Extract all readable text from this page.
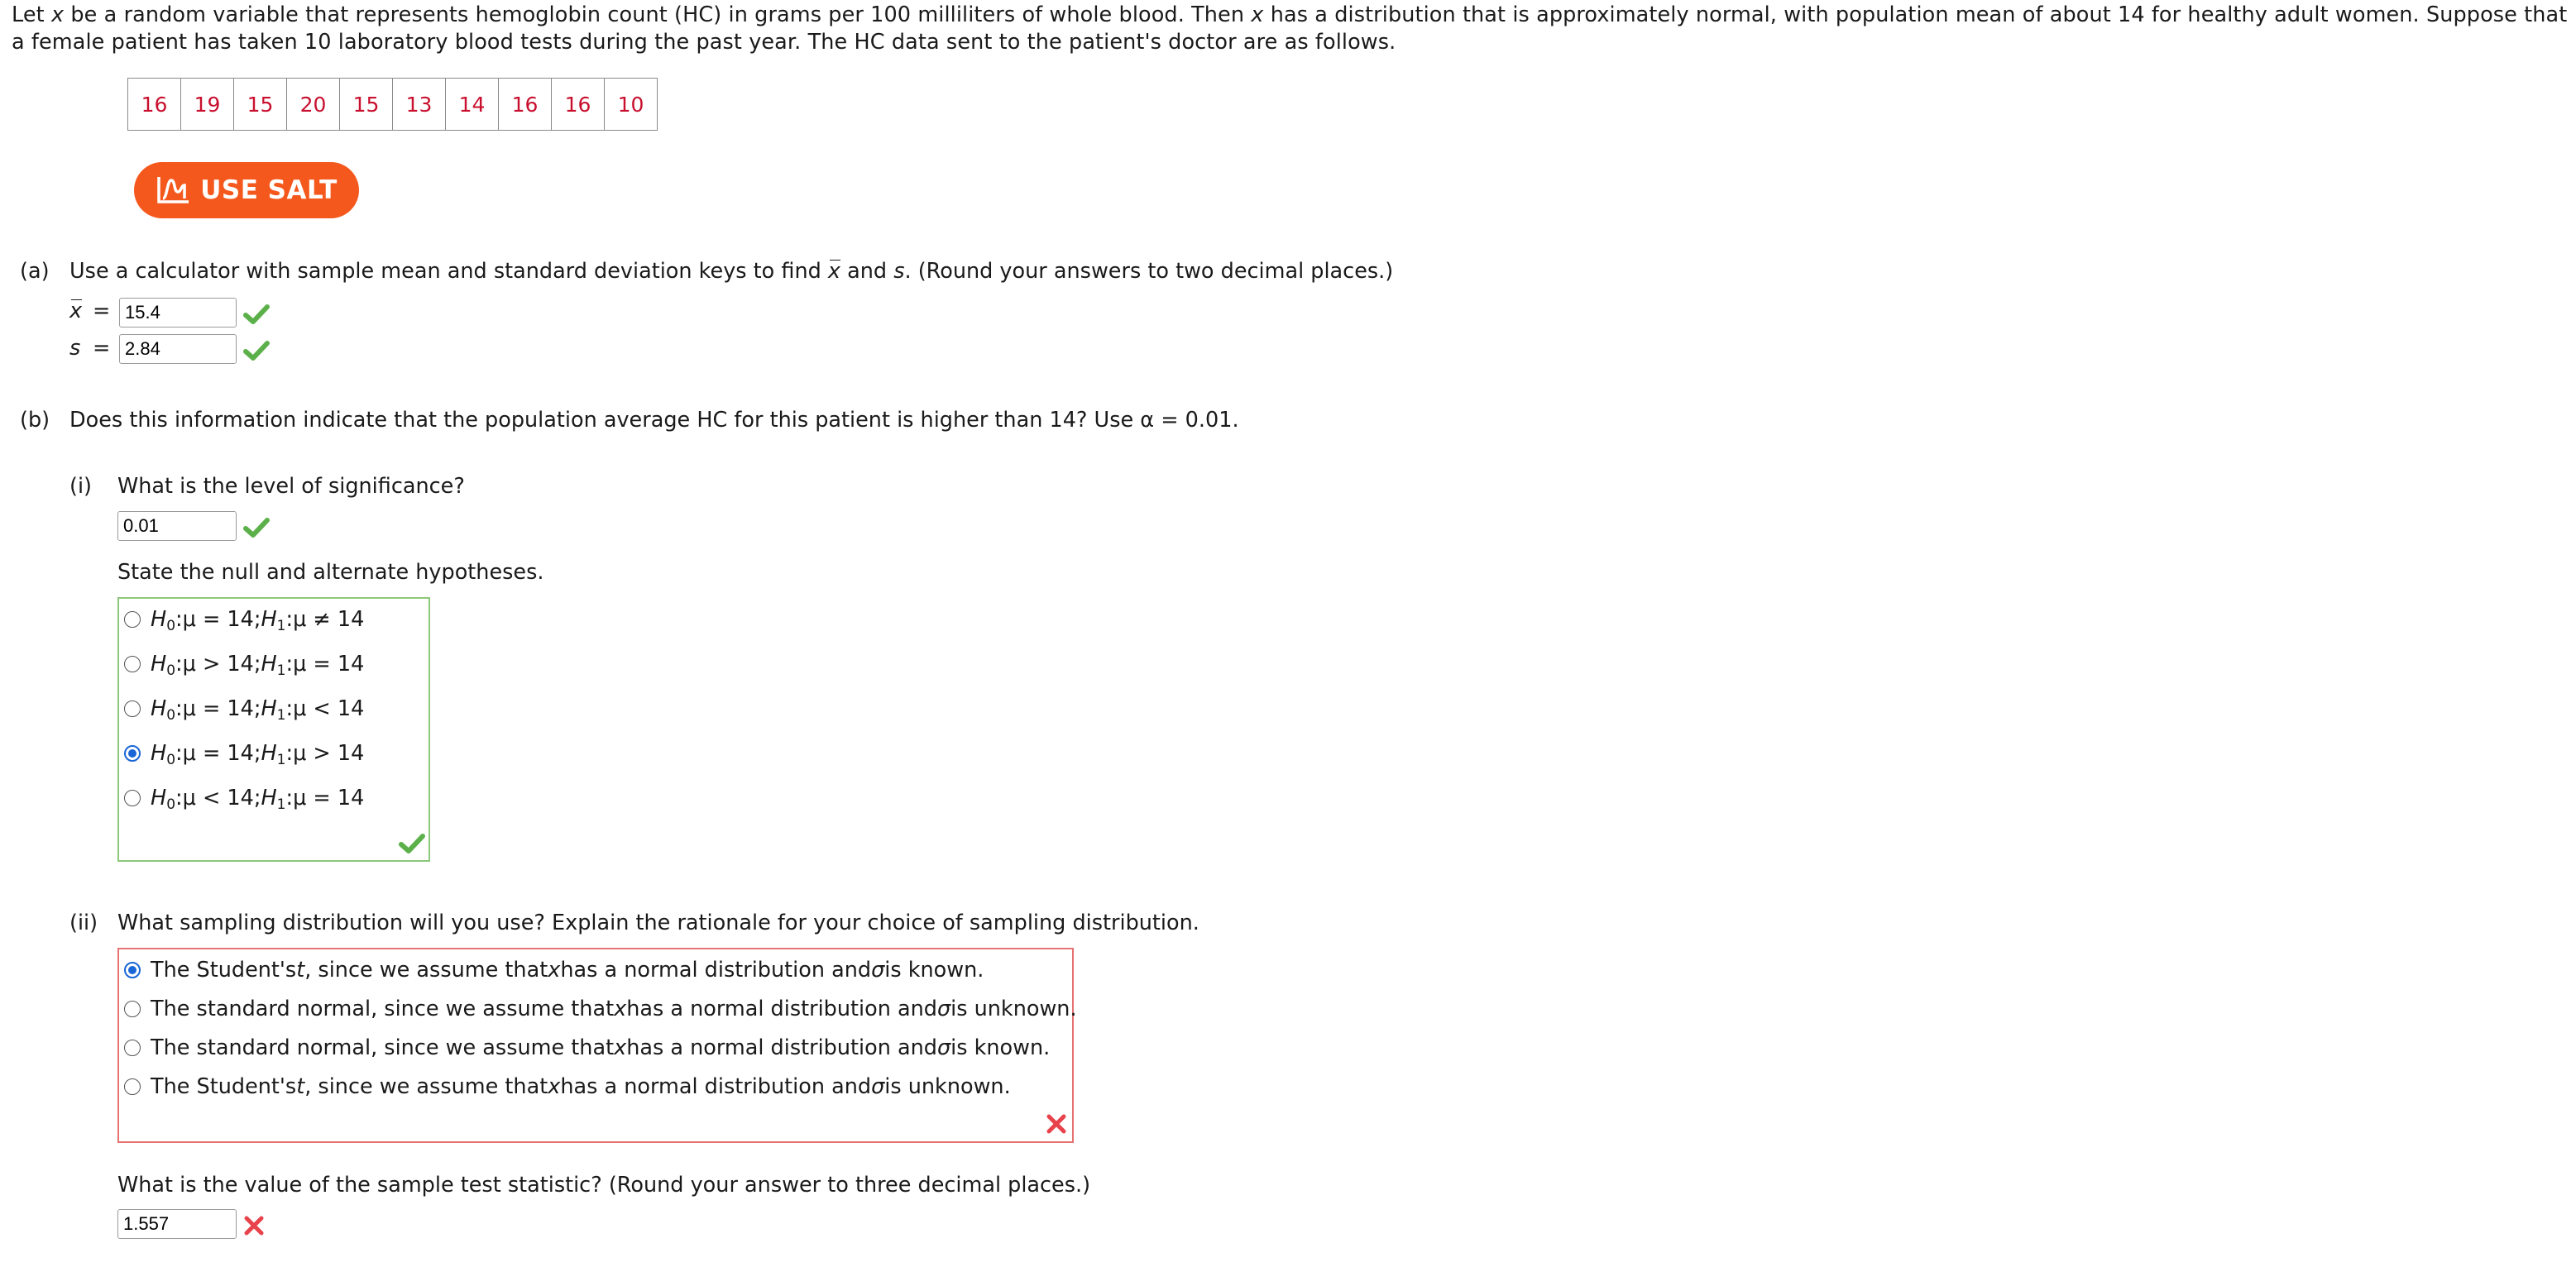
Let x be a random variable that represents hemoglobin count (HC) in grams per 100 milliliters of whole blood. Then x has a distribution that is approximately normal, with population mean of about 14 for healthy adult women. Suppose that a female patient has taken 10 laboratory blood tests during the past year. The HC data sent to the patient's doctor are as follows.
16	19	15	20	15	13	14	16	16	10
USE SALT
(a) Use a calculator with sample mean and standard deviation keys to find x and s. (Round your answers to two decimal places.)
x =
15.4
s =
2.84
(b) Does this information indicate that the population average HC for this patient is higher than 14? Use α = 0.01.
(i) What is the level of significance?
0.01
State the null and alternate hypotheses.
H 0 : μ = 14; H 1 : μ ≠ 14
H 0 : μ > 14; H 1 : μ = 14
H 0 : μ = 14; H 1 : μ < 14
H 0 : μ = 14; H 1 : μ > 14
H 0 : μ < 14; H 1 : μ = 14
(ii) What sampling distribution will you use? Explain the rationale for your choice of sampling distribution.
The Student's t , since we assume that x has a normal distribution and σ is known.
The standard normal, since we assume that x has a normal distribution and σ is unknown.
The standard normal, since we assume that x has a normal distribution and σ is known.
The Student's t , since we assume that x has a normal distribution and σ is unknown.
What is the value of the sample test statistic? (Round your answer to three decimal places.)
1.557
